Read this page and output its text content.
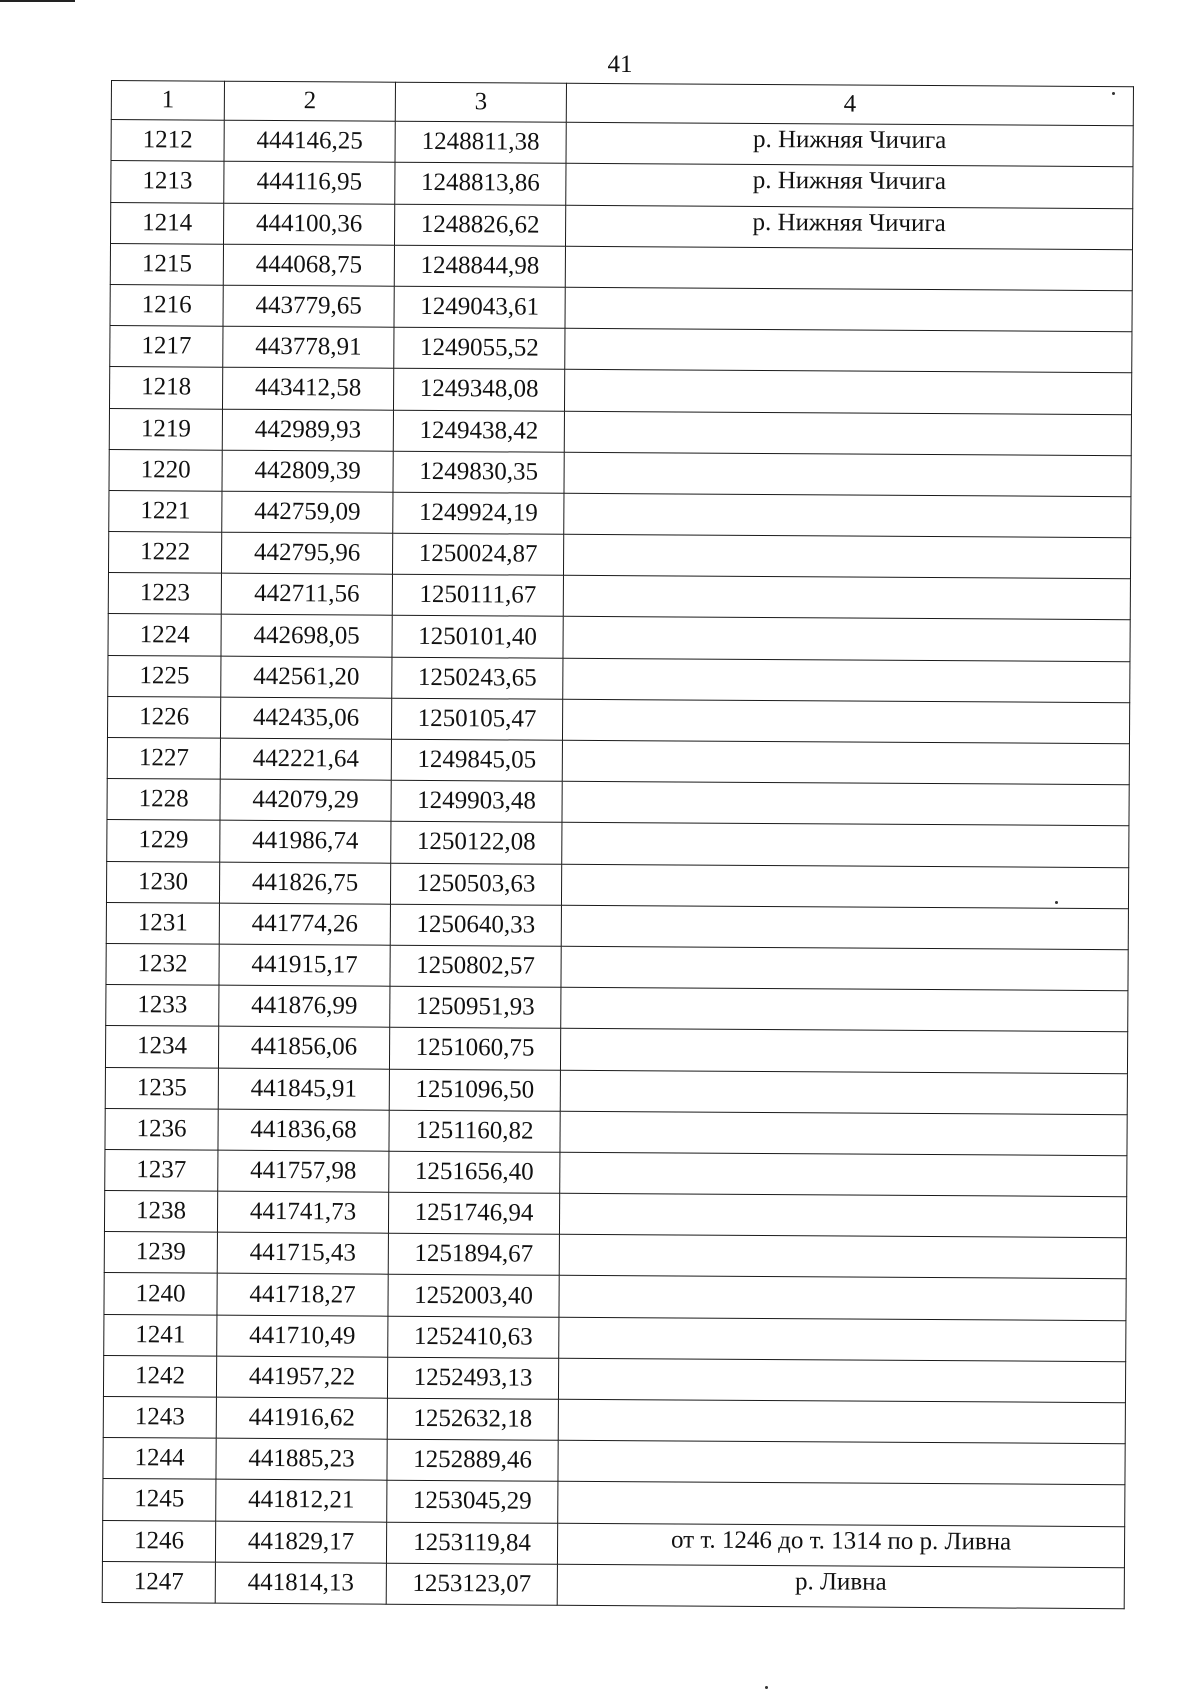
41
1	2	3	4
1212	444146,25	1248811,38	р. Нижняя Чичига
1213	444116,95	1248813,86	р. Нижняя Чичига
1214	444100,36	1248826,62	р. Нижняя Чичига
1215	444068,75	1248844,98	
1216	443779,65	1249043,61	
1217	443778,91	1249055,52	
1218	443412,58	1249348,08	
1219	442989,93	1249438,42	
1220	442809,39	1249830,35	
1221	442759,09	1249924,19	
1222	442795,96	1250024,87	
1223	442711,56	1250111,67	
1224	442698,05	1250101,40	
1225	442561,20	1250243,65	
1226	442435,06	1250105,47	
1227	442221,64	1249845,05	
1228	442079,29	1249903,48	
1229	441986,74	1250122,08	
1230	441826,75	1250503,63	
1231	441774,26	1250640,33	
1232	441915,17	1250802,57	
1233	441876,99	1250951,93	
1234	441856,06	1251060,75	
1235	441845,91	1251096,50	
1236	441836,68	1251160,82	
1237	441757,98	1251656,40	
1238	441741,73	1251746,94	
1239	441715,43	1251894,67	
1240	441718,27	1252003,40	
1241	441710,49	1252410,63	
1242	441957,22	1252493,13	
1243	441916,62	1252632,18	
1244	441885,23	1252889,46	
1245	441812,21	1253045,29	
1246	441829,17	1253119,84	от т. 1246 до т. 1314 по р. Ливна
1247	441814,13	1253123,07	р. Ливна
